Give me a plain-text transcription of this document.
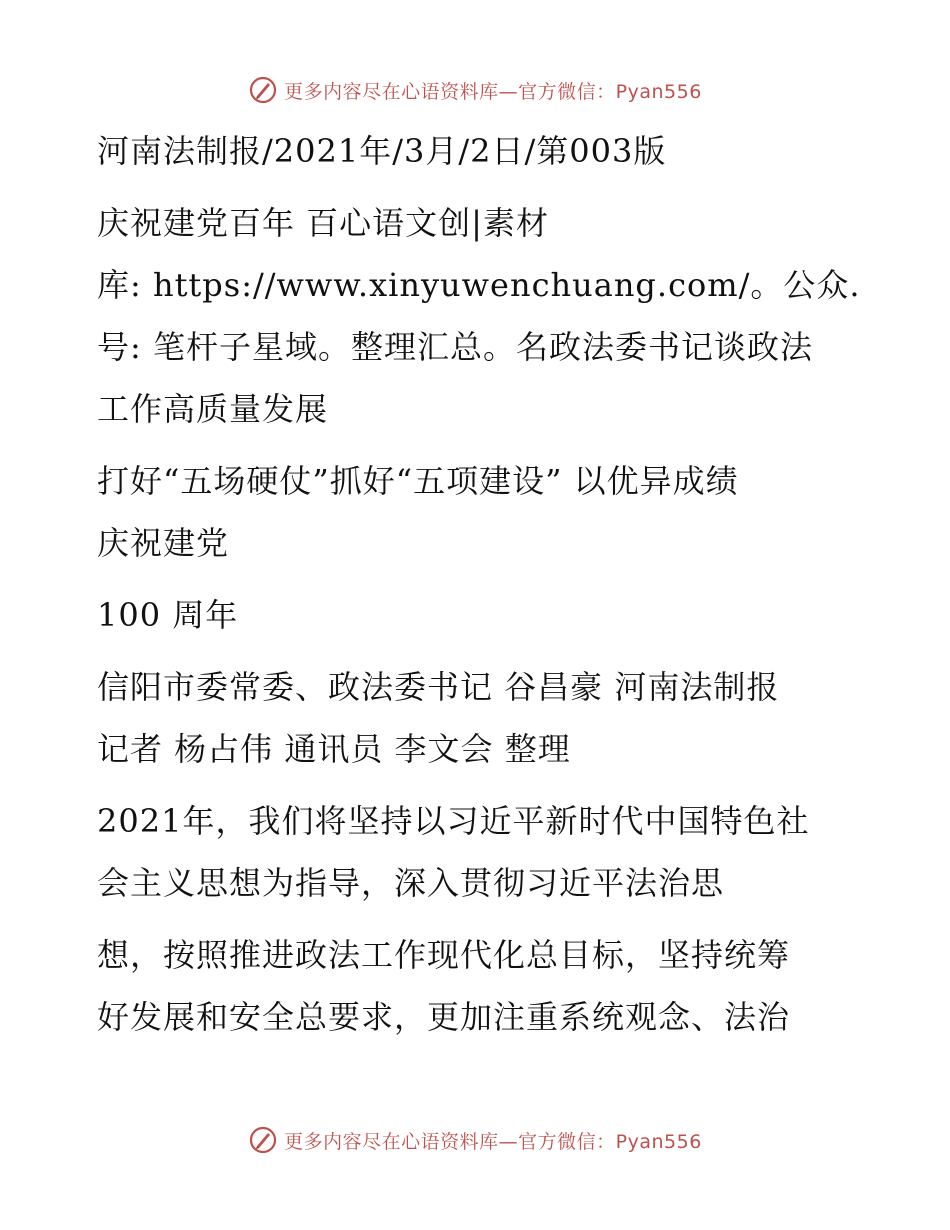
更多内容尽在心语资料库—官方微信：Pyan556
河南法制报/2021年/3月/2日/第003版
庆祝建党百年 百心语文创|素材
库: https://www.xinyuwenchuang.com/。公众.
号: 笔杆子星域。整理汇总。名政法委书记谈政法
工作高质量发展
打好“五场硬仗”抓好“五项建设” 以优异成绩
庆祝建党
100 周年
信阳市委常委、政法委书记 谷昌豪 河南法制报
记者 杨占伟 通讯员 李文会 整理
2021年，我们将坚持以习近平新时代中国特色社
会主义思想为指导，深入贯彻习近平法治思
想，按照推进政法工作现代化总目标，坚持统筹
好发展和安全总要求，更加注重系统观念、法治
更多内容尽在心语资料库—官方微信：Pyan556
